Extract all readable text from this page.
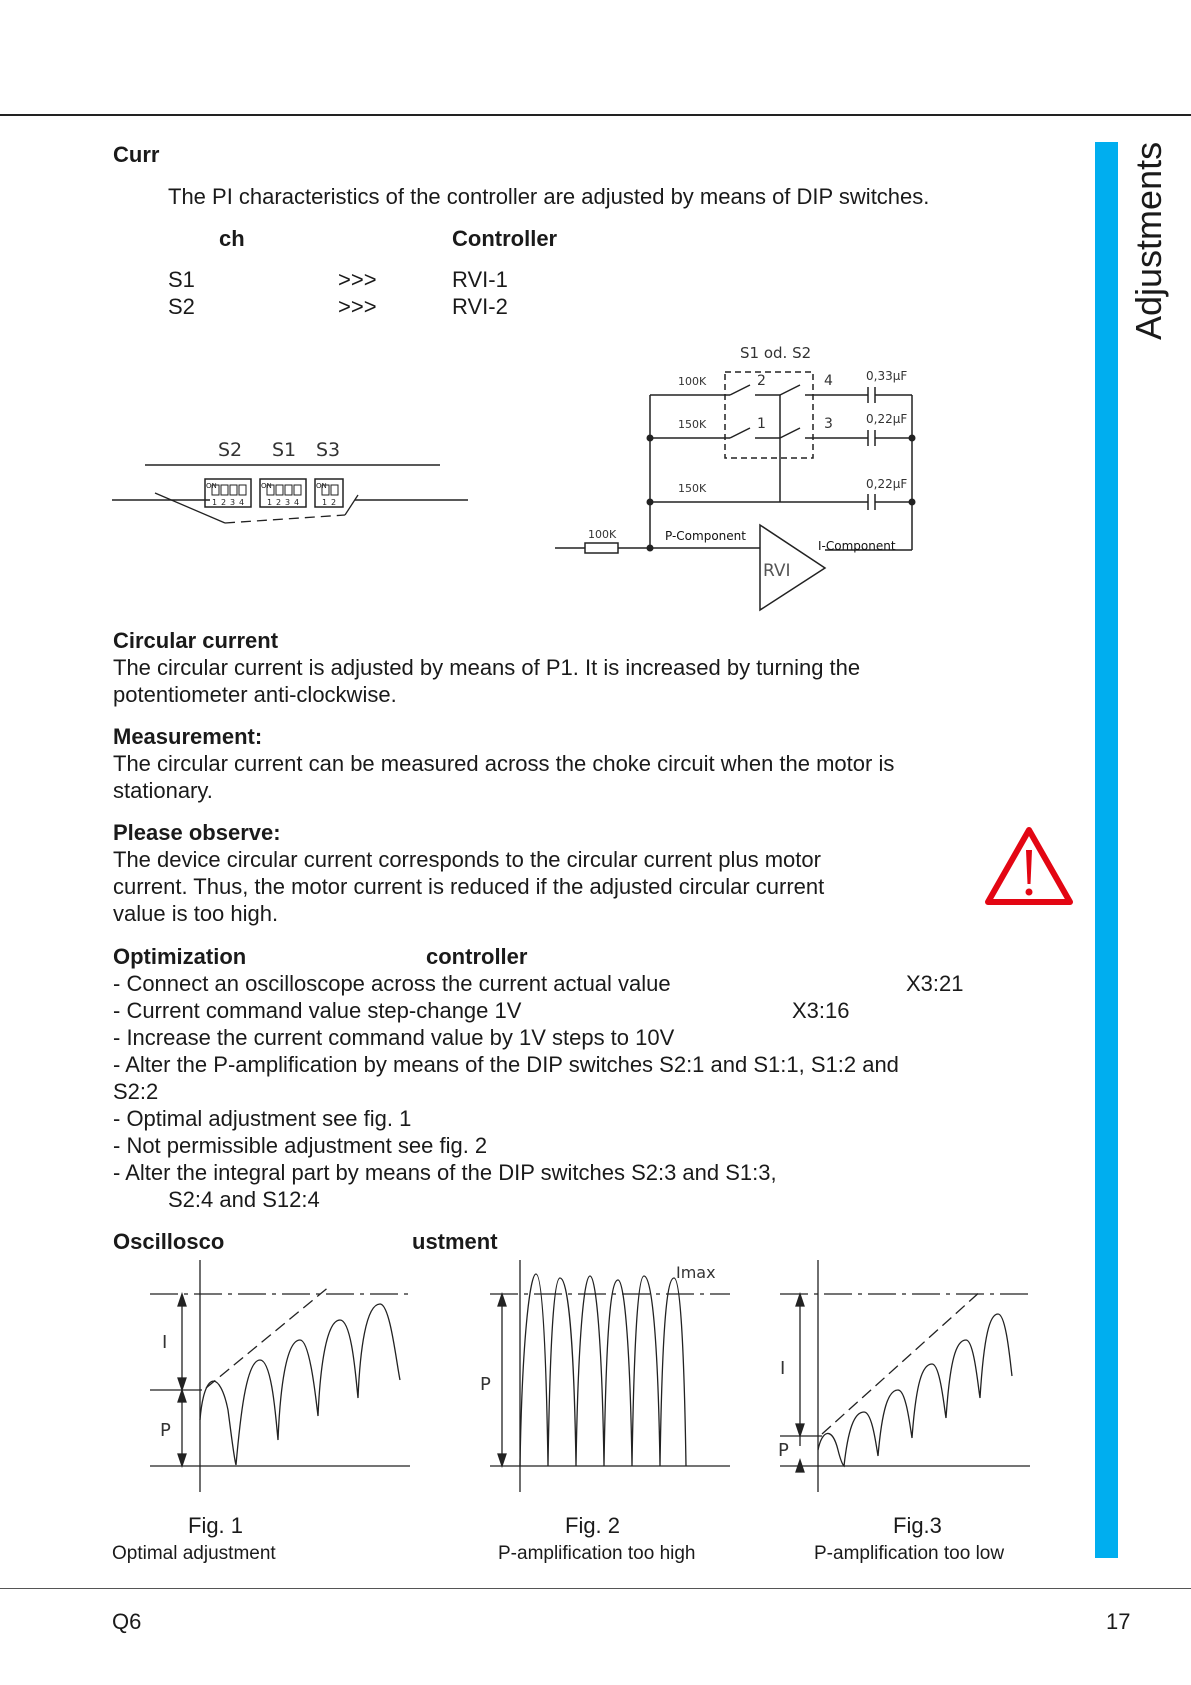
Adjustments
Curr
The PI characteristics of the controller are adjusted by means of DIP switches.
ch	Controller
S1	>>>	RVI-1
S2	>>>	RVI-2
S2 S1 S3
ON
1 2 3 4
ON
1 2 3 4
ON
1 2
S1 od. S2
100K
150K
150K
100K
0,33µF
0,22µF
0,22µF
2	4
1	3
P-Component
I-Component
RVI
Circular current
The circular current is adjusted by means of P1. It is increased by turning the
potentiometer anti-clockwise.
Measurement:
The circular current can be measured across the choke circuit when the motor is
stationary.
Please observe:
The device circular current corresponds to the circular current plus motor
current. Thus, the motor current is reduced if the adjusted circular current
value is too high.
Optimization	controller
- Connect an oscilloscope across the current actual value	X3:21
- Current command value step-change 1V	X3:16
- Increase the current command value by 1V steps to 10V
- Alter the P-amplification by means of the DIP switches S2:1 and S1:1, S1:2 and
S2:2
- Optimal adjustment see fig. 1
- Not permissible adjustment see fig. 2
- Alter the integral part by means of the DIP switches S2:3 and S1:3,
S2:4 and S12:4
Oscillosco	ustment
I
P
Imax
P
I
P
Fig. 1
Optimal adjustment
Fig. 2
P-amplification too high
Fig.3
P-amplification too low
Q6	17
